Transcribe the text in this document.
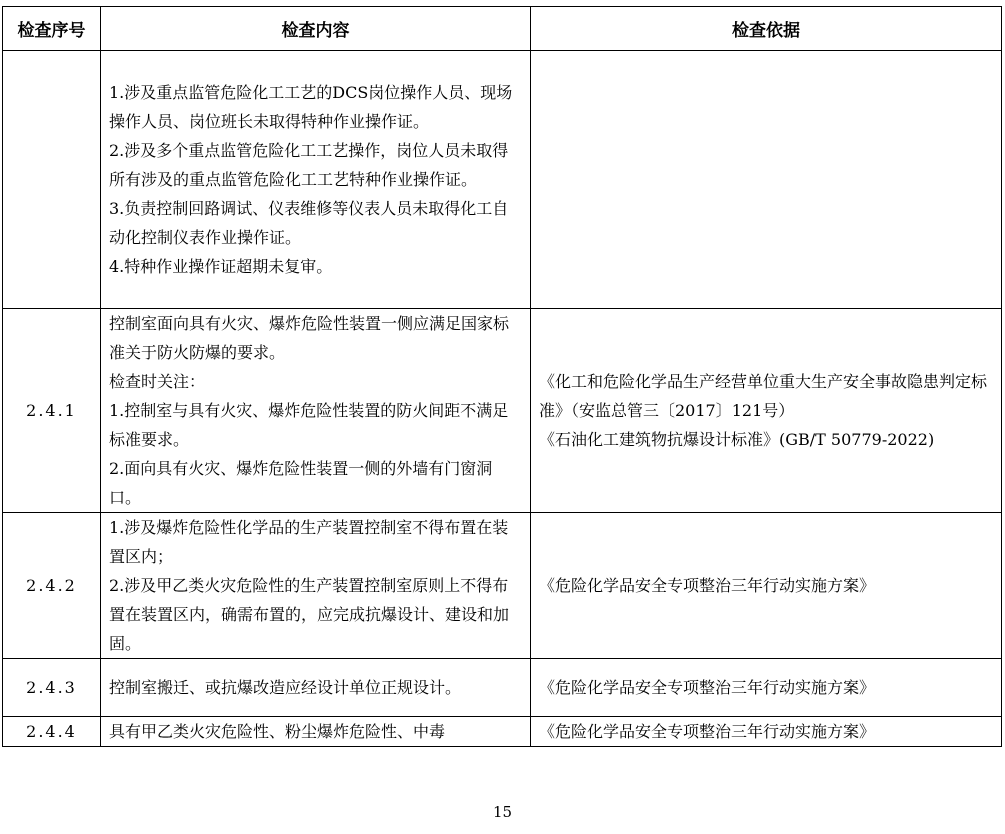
检查序号	检查内容	检查依据

	1.涉及重点监管危险化工工艺的DCS岗位操作人员、现场操作人员、岗位班长未取得特种作业操作证。
2.涉及多个重点监管危险化工工艺操作，岗位人员未取得所有涉及的重点监管危险化工工艺特种作业操作证。
3.负责控制回路调试、仪表维修等仪表人员未取得化工自动化控制仪表作业操作证。
4.特种作业操作证超期未复审。	

2.4.1	控制室面向具有火灾、爆炸危险性装置一侧应满足国家标准关于防火防爆的要求。
检查时关注：
1.控制室与具有火灾、爆炸危险性装置的防火间距不满足标准要求。
2.面向具有火灾、爆炸危险性装置一侧的外墙有门窗洞口。	《化工和危险化学品生产经营单位重大生产安全事故隐患判定标准》（安监总管三〔2017〕121号）
《石油化工建筑物抗爆设计标准》(GB/T 50779-2022)

2.4.2	1.涉及爆炸危险性化学品的生产装置控制室不得布置在装置区内；
2.涉及甲乙类火灾危险性的生产装置控制室原则上不得布置在装置区内，确需布置的，应完成抗爆设计、建设和加固。	《危险化学品安全专项整治三年行动实施方案》

2.4.3	控制室搬迁、或抗爆改造应经设计单位正规设计。	《危险化学品安全专项整治三年行动实施方案》

2.4.4	具有甲乙类火灾危险性、粉尘爆炸危险性、中毒	《危险化学品安全专项整治三年行动实施方案》
15
